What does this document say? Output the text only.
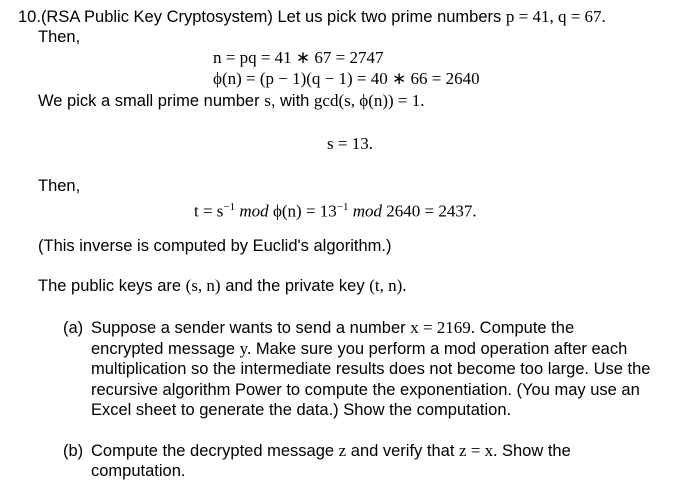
10.(RSA Public Key Cryptosystem) Let us pick two prime numbers p = 41, q = 67.
Then,
n = pq = 41 ∗ 67 = 2747
ϕ(n) = (p − 1)(q − 1) = 40 ∗ 66 = 2640
We pick a small prime number s, with gcd(s, ϕ(n)) = 1.
s = 13.
Then,
$t = s^{-1}$ mod $\phi(n) = 13^{-1}$ mod 2640 = 2437.
(This inverse is computed by Euclid's algorithm.)
The public keys are (s, n) and the private key (t, n).
(a) Suppose a sender wants to send a number x = 2169. Compute the
encrypted message y. Make sure you perform a mod operation after each
multiplication so the intermediate results does not become too large. Use the
recursive algorithm Power to compute the exponentiation. (You may use an
Excel sheet to generate the data.) Show the computation.
(b) Compute the decrypted message z and verify that z = x. Show the
computation.
